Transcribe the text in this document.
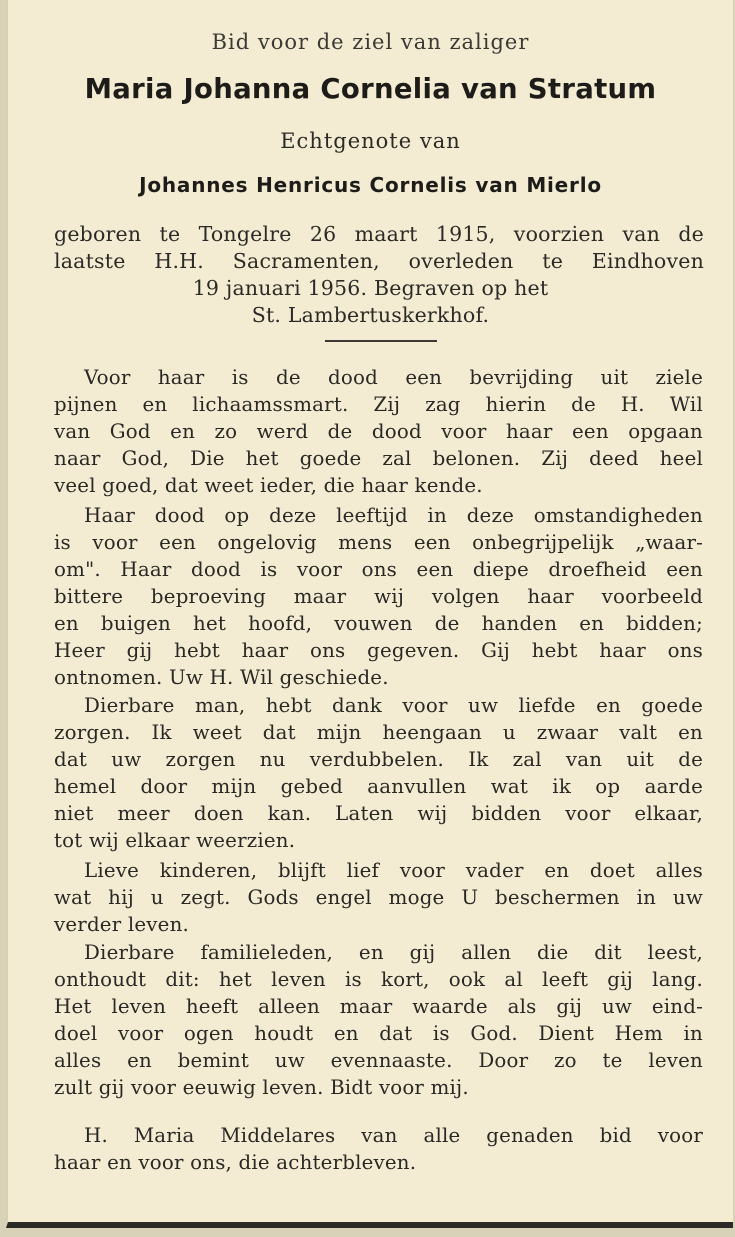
Bid voor de ziel van zaliger
Maria Johanna Cornelia van Stratum
Echtgenote van
Johannes Henricus Cornelis van Mierlo
geboren te Tongelre 26 maart 1915, voorzien van de
laatste H.H. Sacramenten, overleden te Eindhoven
19 januari 1956. Begraven op het
St. Lambertuskerkhof.
Voor haar is de dood een bevrijding uit ziele
pijnen en lichaamssmart. Zij zag hierin de H. Wil
van God en zo werd de dood voor haar een opgaan
naar God, Die het goede zal belonen. Zij deed heel
veel goed, dat weet ieder, die haar kende.
Haar dood op deze leeftijd in deze omstandigheden
is voor een ongelovig mens een onbegrijpelijk „waar-
om". Haar dood is voor ons een diepe droefheid een
bittere beproeving maar wij volgen haar voorbeeld
en buigen het hoofd, vouwen de handen en bidden;
Heer gij hebt haar ons gegeven. Gij hebt haar ons
ontnomen. Uw H. Wil geschiede.
Dierbare man, hebt dank voor uw liefde en goede
zorgen. Ik weet dat mijn heengaan u zwaar valt en
dat uw zorgen nu verdubbelen. Ik zal van uit de
hemel door mijn gebed aanvullen wat ik op aarde
niet meer doen kan. Laten wij bidden voor elkaar,
tot wij elkaar weerzien.
Lieve kinderen, blijft lief voor vader en doet alles
wat hij u zegt. Gods engel moge U beschermen in uw
verder leven.
Dierbare familieleden, en gij allen die dit leest,
onthoudt dit: het leven is kort, ook al leeft gij lang.
Het leven heeft alleen maar waarde als gij uw eind-
doel voor ogen houdt en dat is God. Dient Hem in
alles en bemint uw evennaaste. Door zo te leven
zult gij voor eeuwig leven. Bidt voor mij.
H. Maria Middelares van alle genaden bid voor
haar en voor ons, die achterbleven.
